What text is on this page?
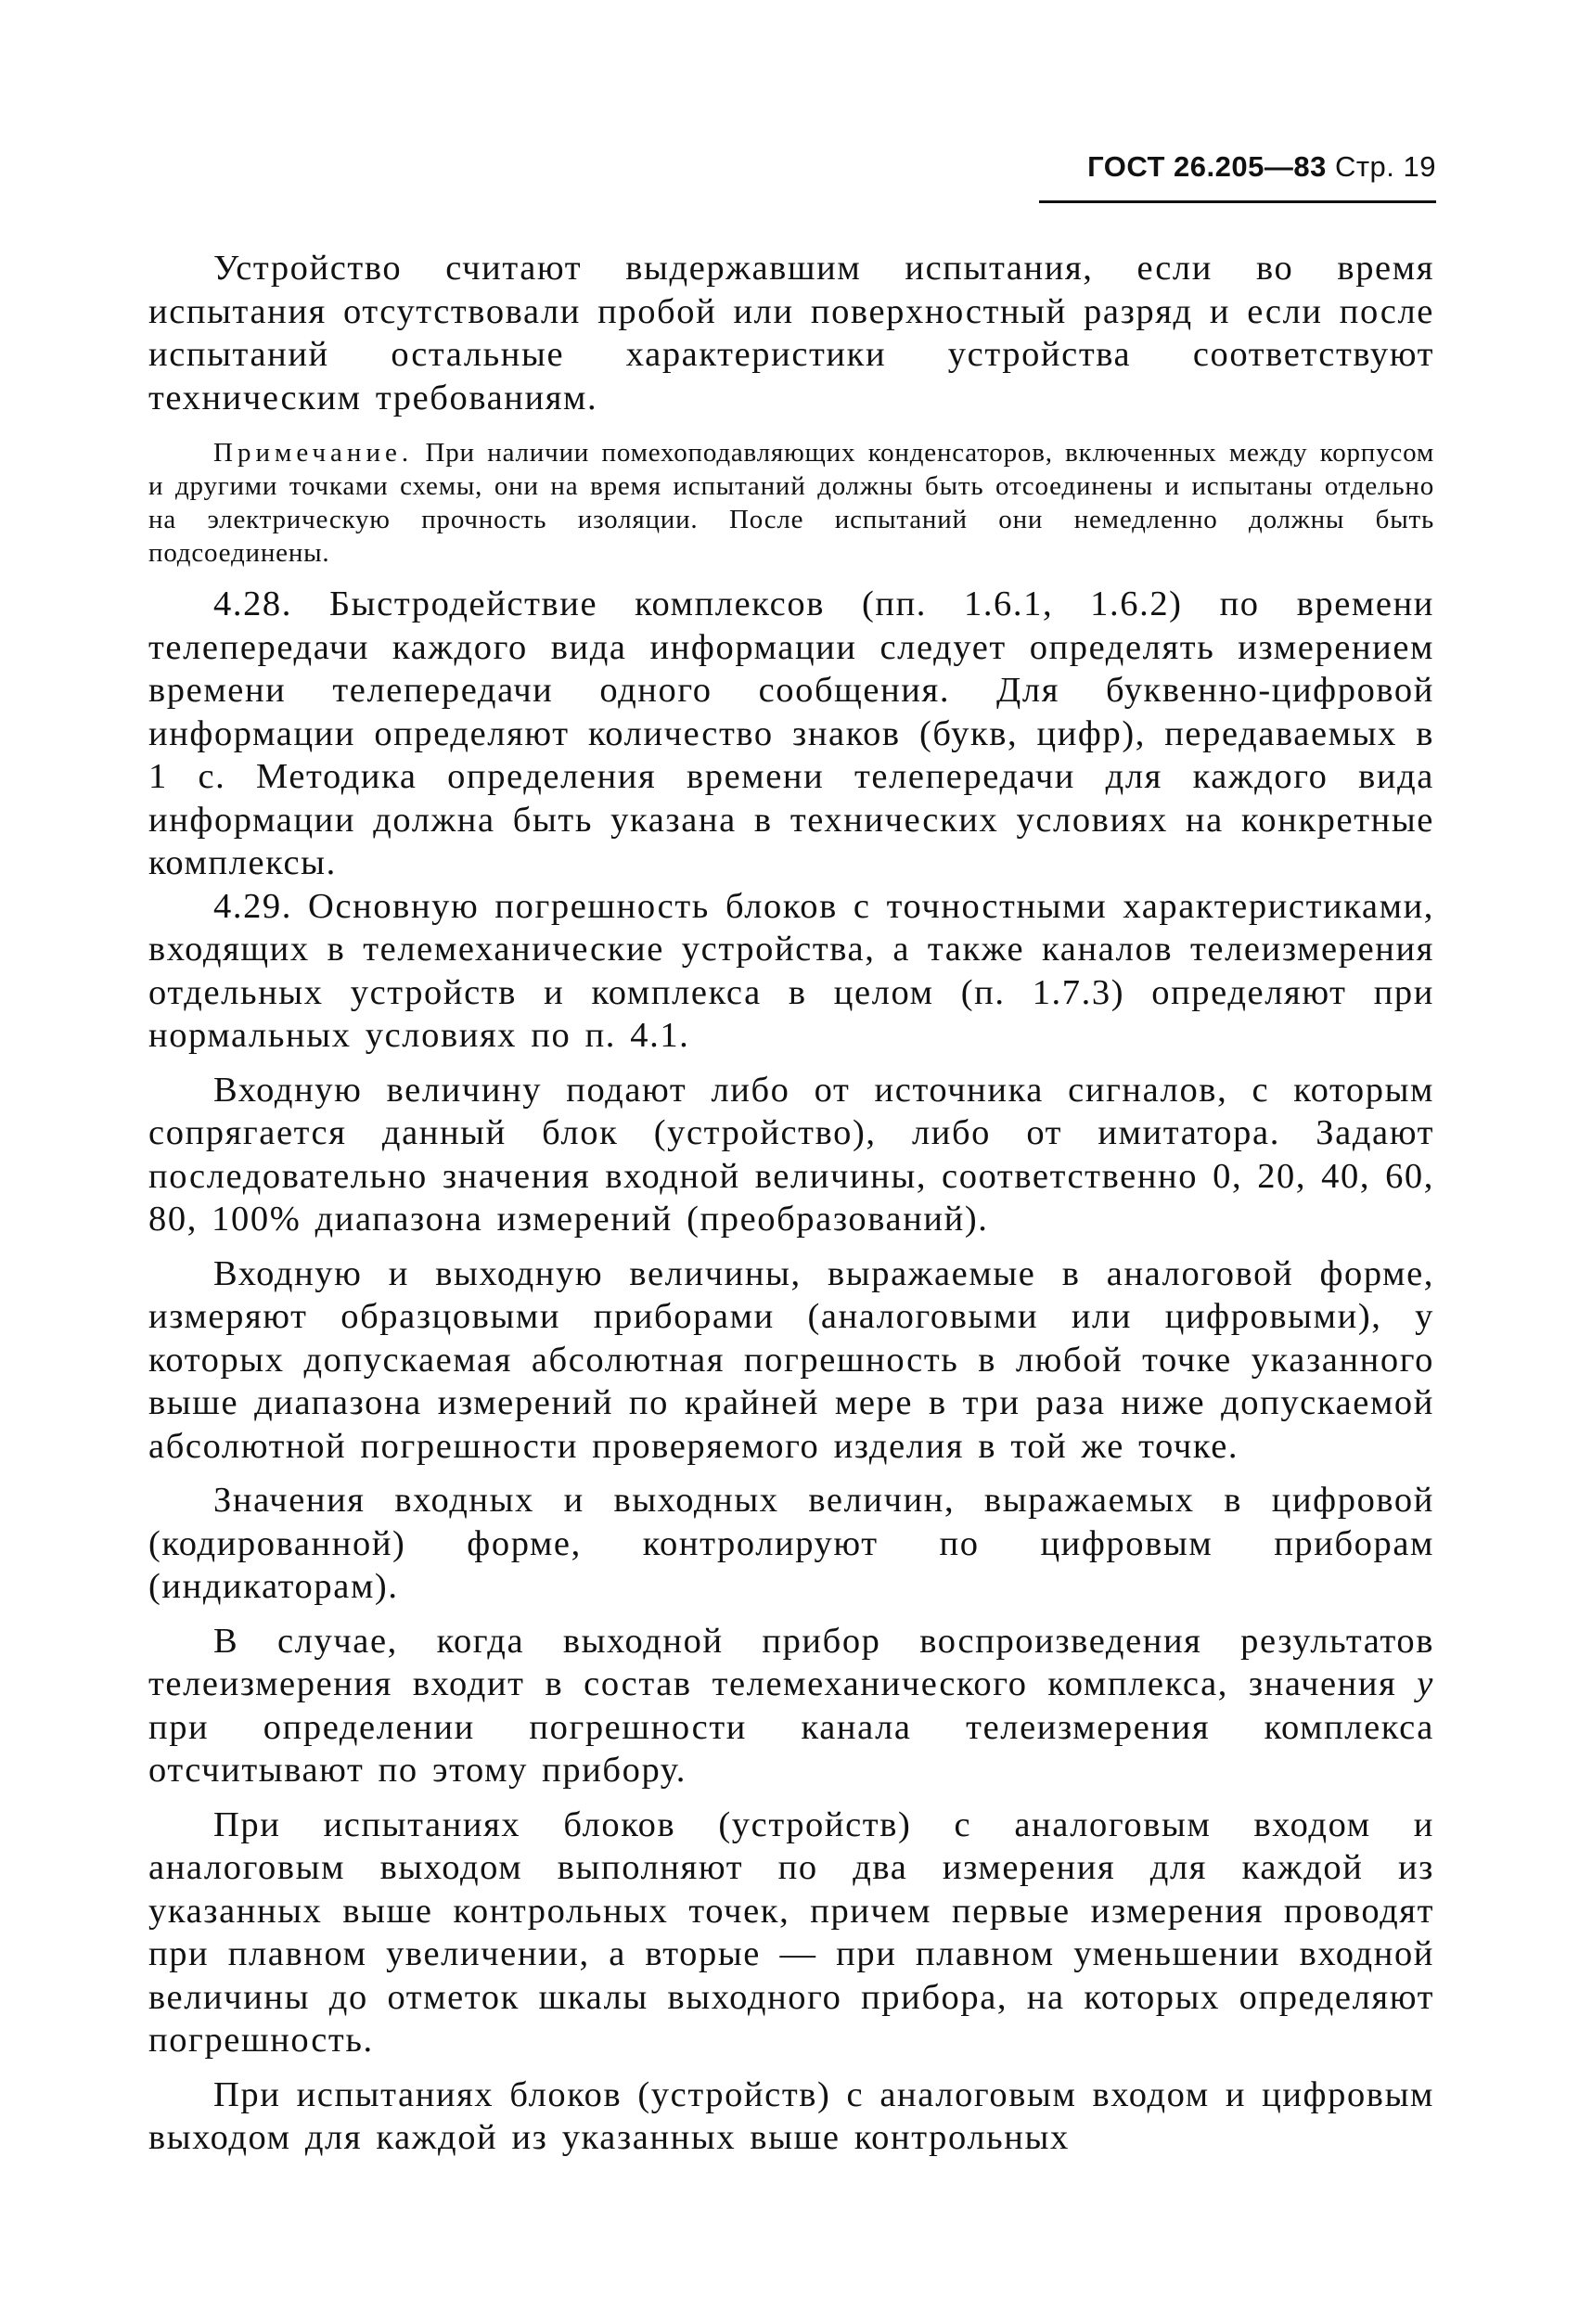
ГОСТ 26.205—83 Стр. 19

Устройство считают выдержавшим испытания, если во время испытания отсутствовали пробой или поверхностный разряд и если после испытаний остальные характеристики устройства соответствуют техническим требованиям.

Примечание. При наличии помехоподавляющих конденсаторов, включенных между корпусом и другими точками схемы, они на время испытаний должны быть отсоединены и испытаны отдельно на электрическую прочность изоляции. После испытаний они немедленно должны быть подсоединены.

4.28. Быстродействие комплексов (пп. 1.6.1, 1.6.2) по времени телепередачи каждого вида информации следует определять измерением времени телепередачи одного сообщения. Для буквенно-цифровой информации определяют количество знаков (букв, цифр), передаваемых в 1 с. Методика определения времени телепередачи для каждого вида информации должна быть указана в технических условиях на конкретные комплексы.

4.29. Основную погрешность блоков с точностными характеристиками, входящих в телемеханические устройства, а также каналов телеизмерения отдельных устройств и комплекса в целом (п. 1.7.3) определяют при нормальных условиях по п. 4.1.

Входную величину подают либо от источника сигналов, с которым сопрягается данный блок (устройство), либо от имитатора. Задают последовательно значения входной величины, соответственно 0, 20, 40, 60, 80, 100% диапазона измерений (преобразований).

Входную и выходную величины, выражаемые в аналоговой форме, измеряют образцовыми приборами (аналоговыми или цифровыми), у которых допускаемая абсолютная погрешность в любой точке указанного выше диапазона измерений по крайней мере в три раза ниже допускаемой абсолютной погрешности проверяемого изделия в той же точке.

Значения входных и выходных величин, выражаемых в цифровой (кодированной) форме, контролируют по цифровым приборам (индикаторам).

В случае, когда выходной прибор воспроизведения результатов телеизмерения входит в состав телемеханического комплекса, значения y при определении погрешности канала телеизмерения комплекса отсчитывают по этому прибору.

При испытаниях блоков (устройств) с аналоговым входом и аналоговым выходом выполняют по два измерения для каждой из указанных выше контрольных точек, причем первые измерения проводят при плавном увеличении, а вторые — при плавном уменьшении входной величины до отметок шкалы выходного прибора, на которых определяют погрешность.

При испытаниях блоков (устройств) с аналоговым входом и цифровым выходом для каждой из указанных выше контрольных
